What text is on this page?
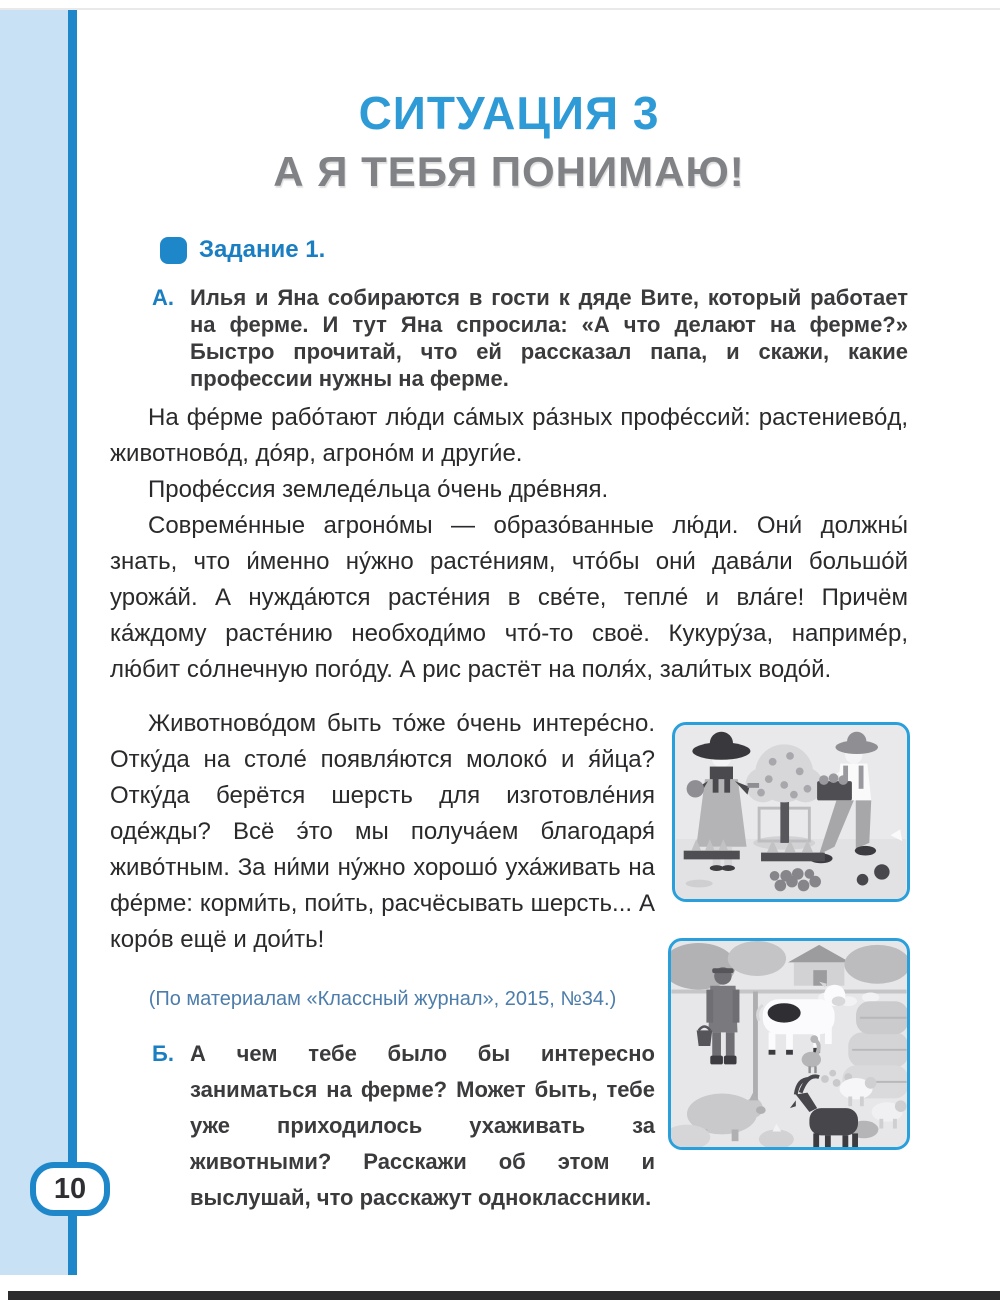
10
СИТУАЦИЯ 3
А Я ТЕБЯ ПОНИМАЮ!
Задание 1.
А. Илья и Яна собираются в гости к дяде Вите, который работает на ферме. И тут Яна спросила: «А что делают на ферме?» Быстро прочитай, что ей рассказал папа, и скажи, какие профессии нужны на ферме.

На фе́рме рабо́тают лю́ди са́мых ра́зных профе́ссий: растениево́д, животново́д, до́яр, агроно́м и други́е.

Профе́ссия земледе́льца о́чень дре́вняя.

Совреме́нные агроно́мы — образо́ванные лю́ди. Они́ должны́ знать, что и́менно ну́жно расте́ниям, что́бы они́ дава́ли большо́й урожа́й. А нужда́ются расте́ния в све́те, тепле́ и вла́ге! Причём ка́ждому расте́нию необходи́мо что́-то своё. Кукуру́за, наприме́р, лю́бит со́лнечную пого́ду. А рис растёт на поля́х, зали́тых водо́й.

Животново́дом быть то́же о́чень интере́сно. Отку́да на столе́ появля́ются молоко́ и я́йца? Отку́да берётся шерсть для изготовле́ния оде́жды? Всё э́то мы получа́ем благодаря́ живо́тным. За ни́ми ну́жно хорошо́ уха́живать на фе́рме: корми́ть, пои́ть, расчёсывать шерсть... А коро́в ещё и дои́ть!

(По материалам «Классный журнал», 2015, №34.)
Б. А чем тебе было бы интересно заниматься на ферме? Может быть, тебе уже приходилось ухаживать за животными? Расскажи об этом и выслушай, что расскажут одноклассники.
